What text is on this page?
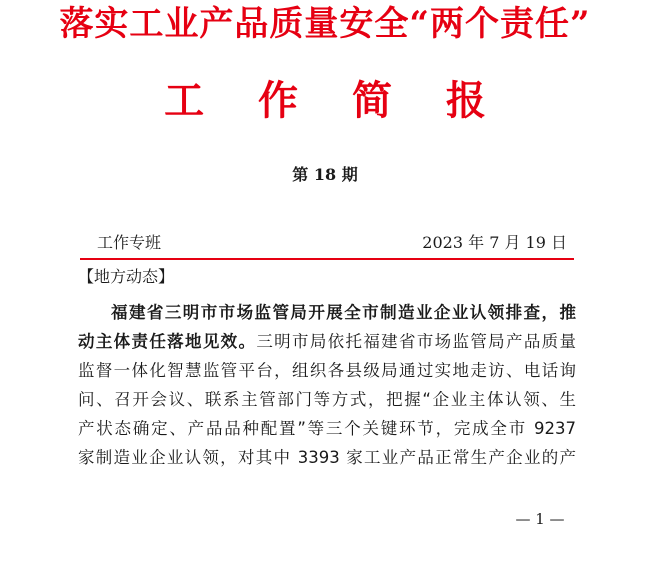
落实工业产品质量安全“两个责任”
工 作 简 报
第 18 期
工作专班	2023 年 7 月 19 日
【地方动态】
福建省三明市市场监管局开展全市制造业企业认领排查，推
动主体责任落地见效。三明市局依托福建省市场监管局产品质量
监督一体化智慧监管平台，组织各县级局通过实地走访、电话询
问、召开会议、联系主管部门等方式，把握“企业主体认领、生
产状态确定、产品品种配置”等三个关键环节，完成全市 9237
家制造业企业认领，对其中 3393 家工业产品正常生产企业的产
— 1 —
